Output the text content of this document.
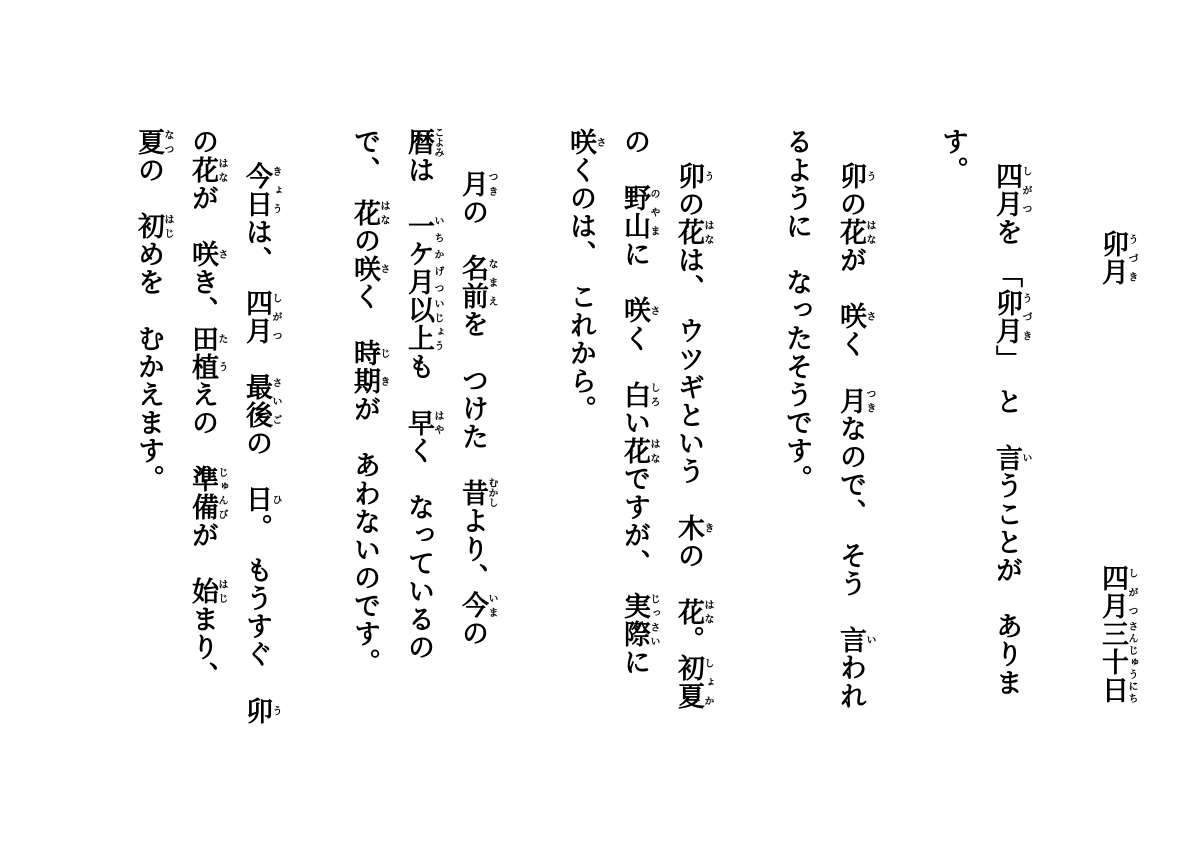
卯月うづき

四月しがつ三十日さんじゅうにち

四月しがつを　「卯月うづき」　と　言いうことが　ありま

す。

卯うの花はなが　咲さく　月つきなので、　そう　言いわれ

るように　なったそうです。

卯うの花はなは、　ウツギという　木きの　花はな。初夏しょか

の　野山のやまに　咲さく　白しろい花はなですが、　実際じっさいに

咲さくのは、　これから。

月つきの　名前なまえを　つけた　昔むかしより、今いまの

暦こよみは　一ケ月いちかげつ以上いじょうも　早はやく　なっているの

で、　花はなの咲さく　時期じきが　あわないのです。

今日きょうは、　四月しがつ　最後さいごの　日ひ。　もうすぐ　卯う

の花はなが　咲さき、田植たうえの　準備じゅんびが　始はじまり、

夏なつの　初はじめを　むかえます。
